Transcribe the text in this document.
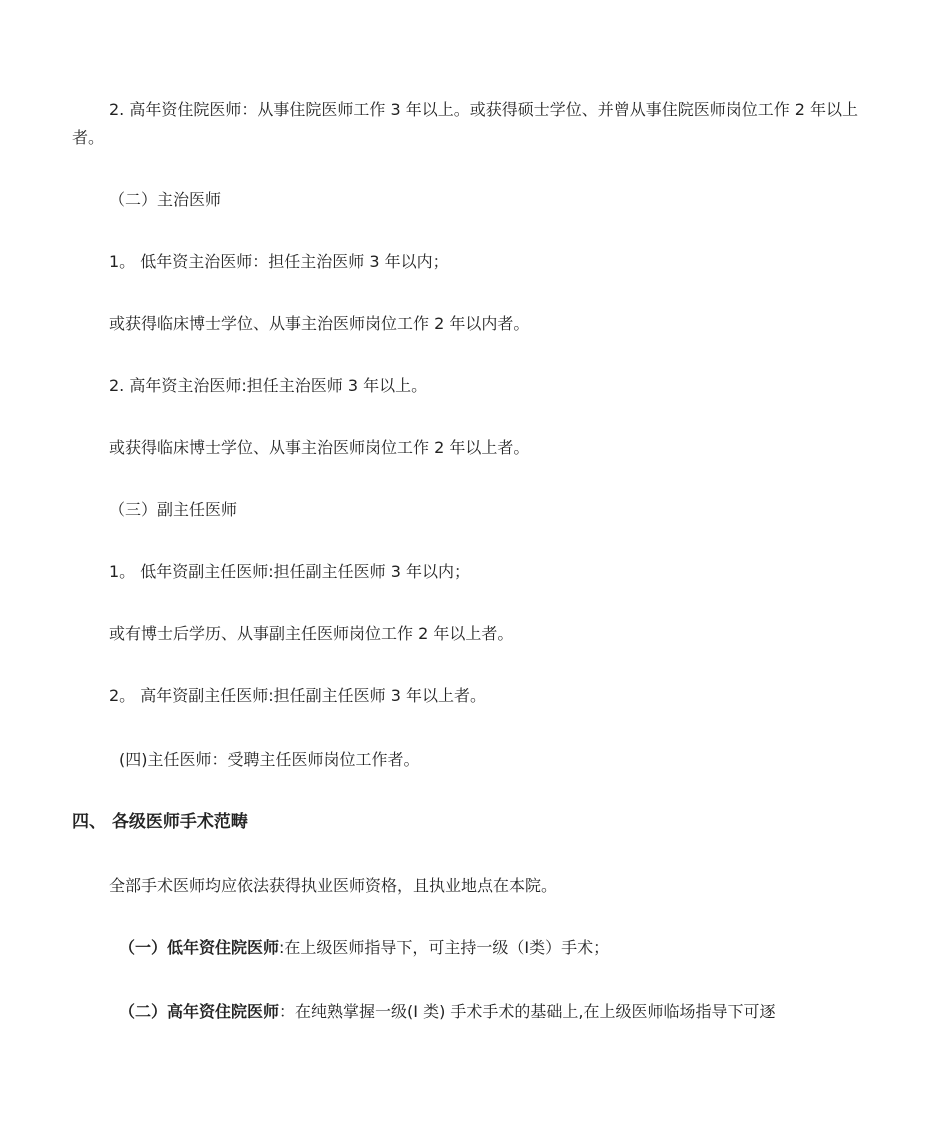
2. 高年资住院医师：从事住院医师工作 3 年以上。或获得硕士学位、并曾从事住院医师岗位工作 2 年以上者。
（二）主治医师
1。 低年资主治医师：担任主治医师 3 年以内；
或获得临床博士学位、从事主治医师岗位工作 2 年以内者。
2. 高年资主治医师:担任主治医师 3 年以上。
或获得临床博士学位、从事主治医师岗位工作 2 年以上者。
（三）副主任医师
1。 低年资副主任医师:担任副主任医师 3 年以内；
或有博士后学历、从事副主任医师岗位工作 2 年以上者。
2。 高年资副主任医师:担任副主任医师 3 年以上者。
(四)主任医师：受聘主任医师岗位工作者。
四、 各级医师手术范畴
全部手术医师均应依法获得执业医师资格，且执业地点在本院。
（一）低年资住院医师:在上级医师指导下，可主持一级（Ⅰ类）手术；
（二）高年资住院医师：在纯熟掌握一级(Ⅰ 类) 手术手术的基础上,在上级医师临场指导下可逐
